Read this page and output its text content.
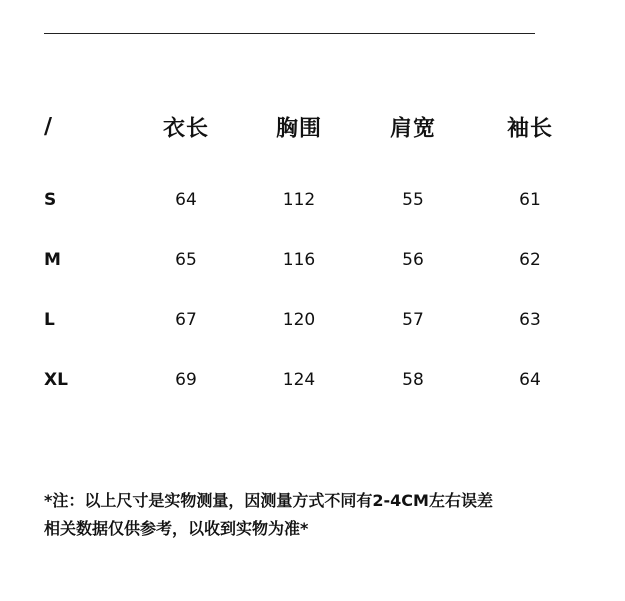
/	衣长	胸围	肩宽	袖长
S	64	112	55	61
M	65	116	56	62
L	67	120	57	63
XL	69	124	58	64

*注：以上尺寸是实物测量，因测量方式不同有2-4CM左右误差
相关数据仅供参考，以收到实物为准*
